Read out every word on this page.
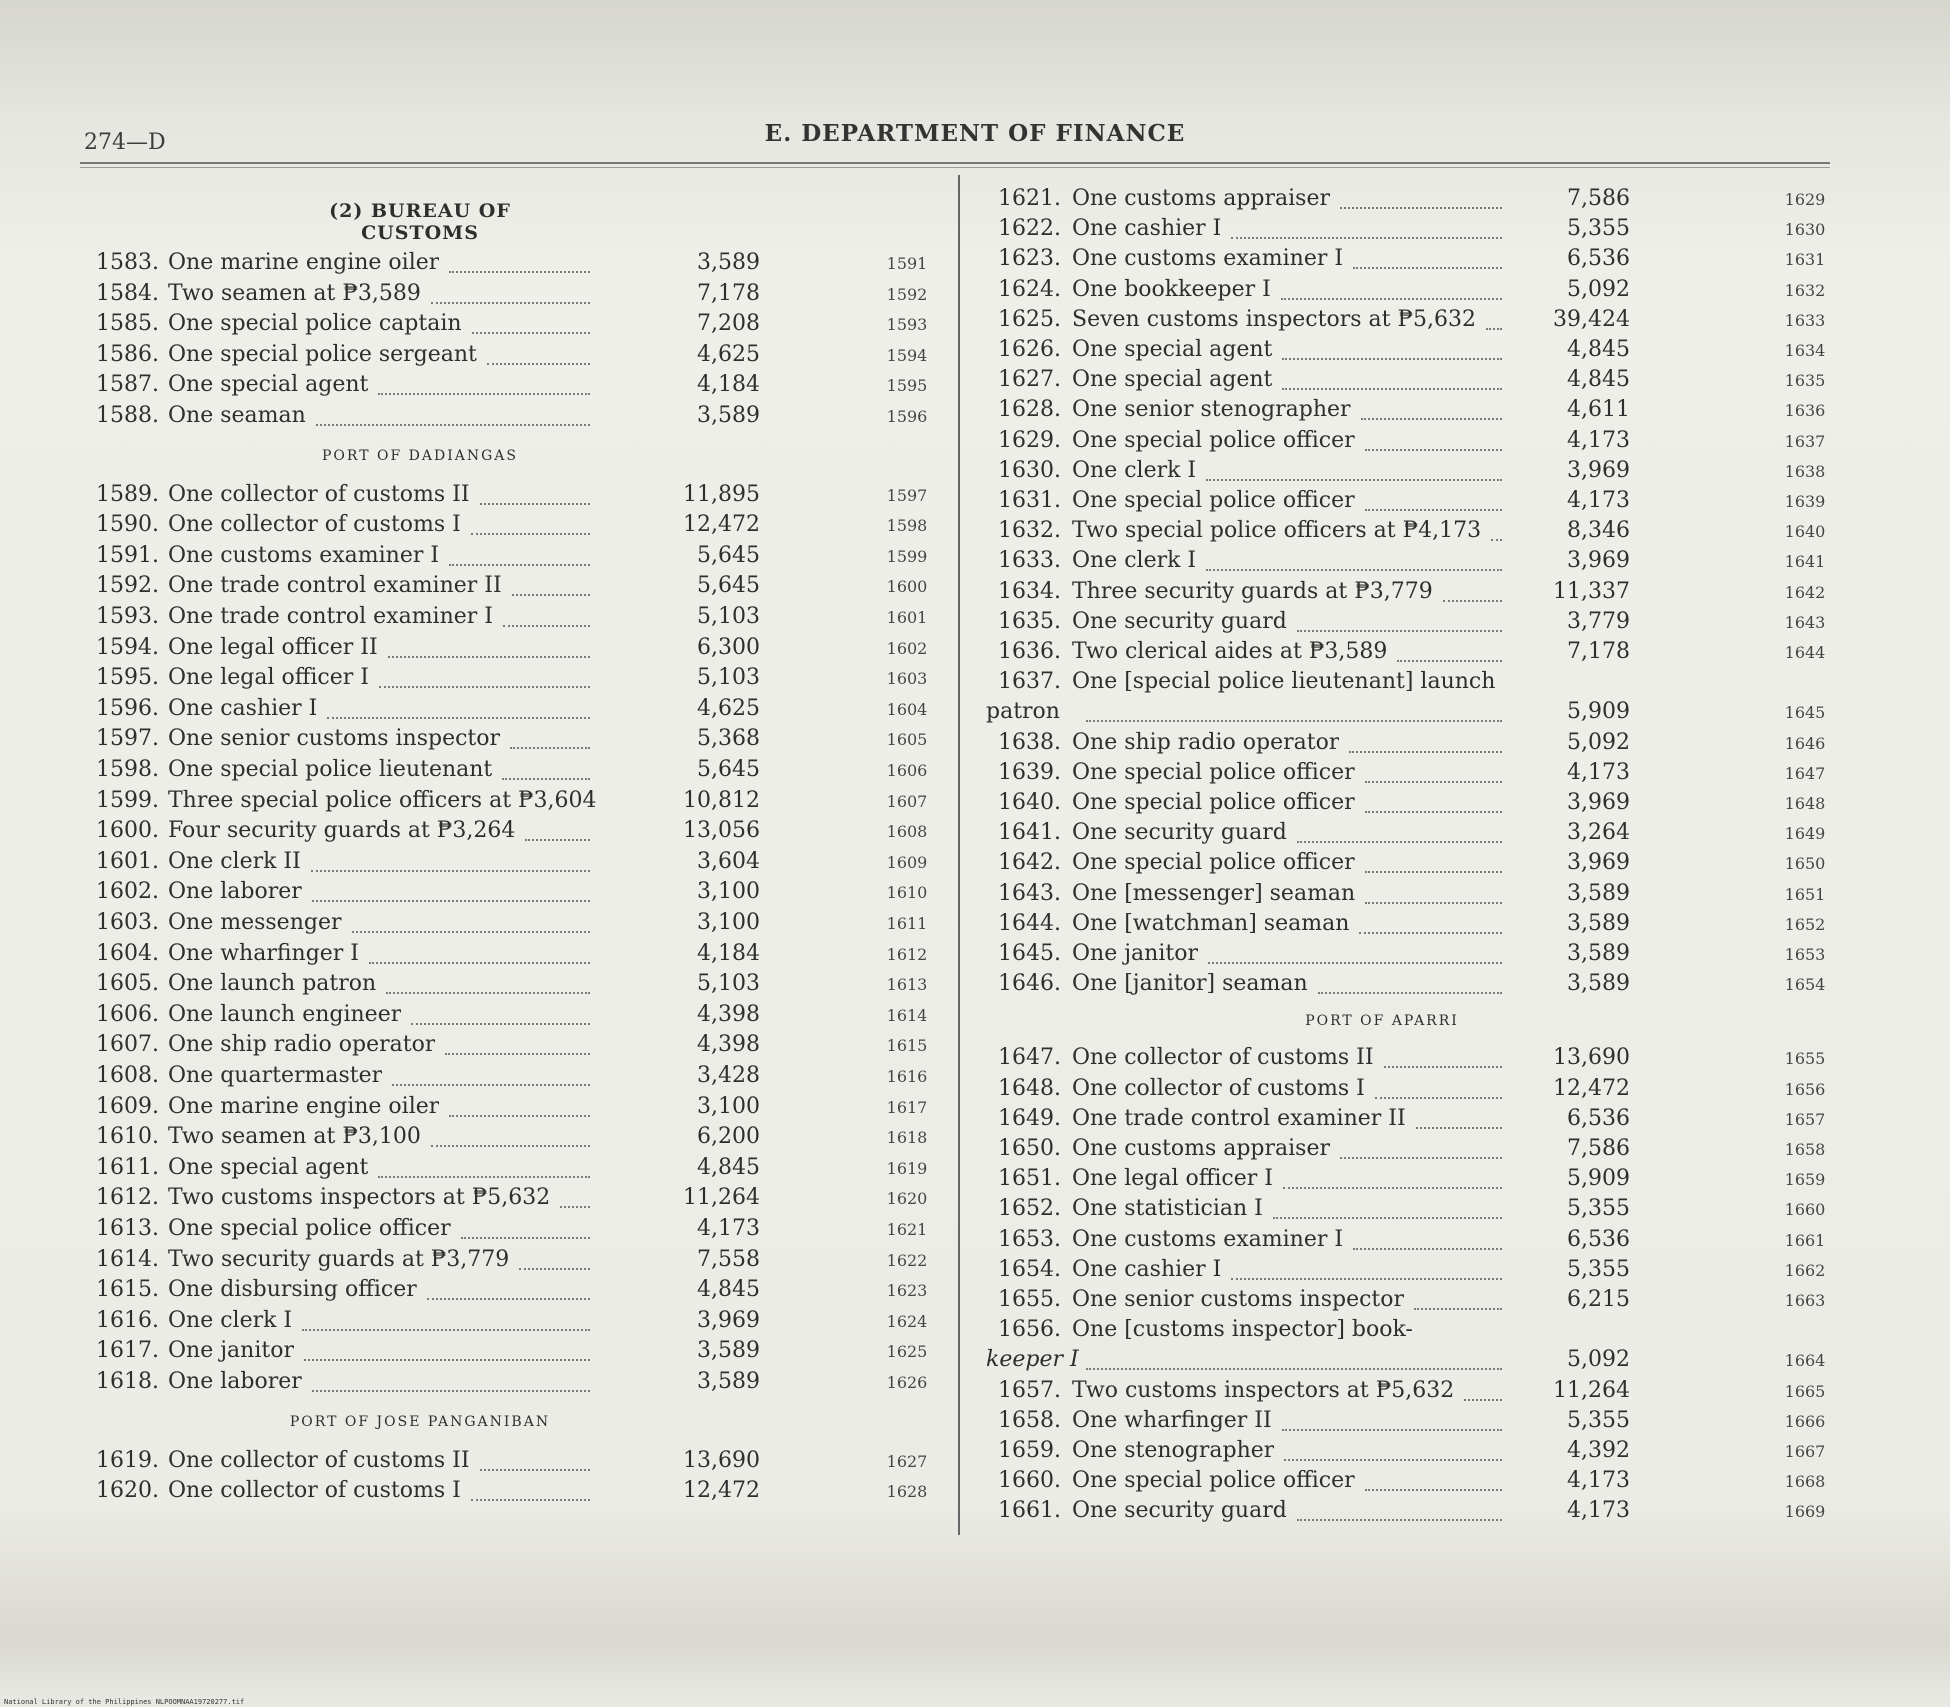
274—D	E. DEPARTMENT OF FINANCE
(2) BUREAU OF CUSTOMS
1583. One marine engine oiler	3,589	1591
1584. Two seamen at ₱3,589	7,178	1592
1585. One special police captain	7,208	1593
1586. One special police sergeant	4,625	1594
1587. One special agent	4,184	1595
1588. One seaman	3,589	1596
PORT OF DADIANGAS
1589. One collector of customs II	11,895	1597
1590. One collector of customs I	12,472	1598
1591. One customs examiner I	5,645	1599
1592. One trade control examiner II	5,645	1600
1593. One trade control examiner I	5,103	1601
1594. One legal officer II	6,300	1602
1595. One legal officer I	5,103	1603
1596. One cashier I	4,625	1604
1597. One senior customs inspector	5,368	1605
1598. One special police lieutenant	5,645	1606
1599. Three special police officers at ₱3,604	10,812	1607
1600. Four security guards at ₱3,264	13,056	1608
1601. One clerk II	3,604	1609
1602. One laborer	3,100	1610
1603. One messenger	3,100	1611
1604. One wharfinger I	4,184	1612
1605. One launch patron	5,103	1613
1606. One launch engineer	4,398	1614
1607. One ship radio operator	4,398	1615
1608. One quartermaster	3,428	1616
1609. One marine engine oiler	3,100	1617
1610. Two seamen at ₱3,100	6,200	1618
1611. One special agent	4,845	1619
1612. Two customs inspectors at ₱5,632	11,264	1620
1613. One special police officer	4,173	1621
1614. Two security guards at ₱3,779	7,558	1622
1615. One disbursing officer	4,845	1623
1616. One clerk I	3,969	1624
1617. One janitor	3,589	1625
1618. One laborer	3,589	1626
PORT OF JOSE PANGANIBAN
1619. One collector of customs II	13,690	1627
1620. One collector of customs I	12,472	1628
1621. One customs appraiser	7,586	1629
1622. One cashier I	5,355	1630
1623. One customs examiner I	6,536	1631
1624. One bookkeeper I	5,092	1632
1625. Seven customs inspectors at ₱5,632	39,424	1633
1626. One special agent	4,845	1634
1627. One special agent	4,845	1635
1628. One senior stenographer	4,611	1636
1629. One special police officer	4,173	1637
1630. One clerk I	3,969	1638
1631. One special police officer	4,173	1639
1632. Two special police officers at ₱4,173	8,346	1640
1633. One clerk I	3,969	1641
1634. Three security guards at ₱3,779	11,337	1642
1635. One security guard	3,779	1643
1636. Two clerical aides at ₱3,589	7,178	1644
1637. One [special police lieutenant] launch
patron	5,909	1645
1638. One ship radio operator	5,092	1646
1639. One special police officer	4,173	1647
1640. One special police officer	3,969	1648
1641. One security guard	3,264	1649
1642. One special police officer	3,969	1650
1643. One [messenger] seaman	3,589	1651
1644. One [watchman] seaman	3,589	1652
1645. One janitor	3,589	1653
1646. One [janitor] seaman	3,589	1654
PORT OF APARRI
1647. One collector of customs II	13,690	1655
1648. One collector of customs I	12,472	1656
1649. One trade control examiner II	6,536	1657
1650. One customs appraiser	7,586	1658
1651. One legal officer I	5,909	1659
1652. One statistician I	5,355	1660
1653. One customs examiner I	6,536	1661
1654. One cashier I	5,355	1662
1655. One senior customs inspector	6,215	1663
1656. One [customs inspector] book-
keeper I	5,092	1664
1657. Two customs inspectors at ₱5,632	11,264	1665
1658. One wharfinger II	5,355	1666
1659. One stenographer	4,392	1667
1660. One special police officer	4,173	1668
1661. One security guard	4,173	1669
National Library of the Philippines NLPOOMNAA19720277.tif
